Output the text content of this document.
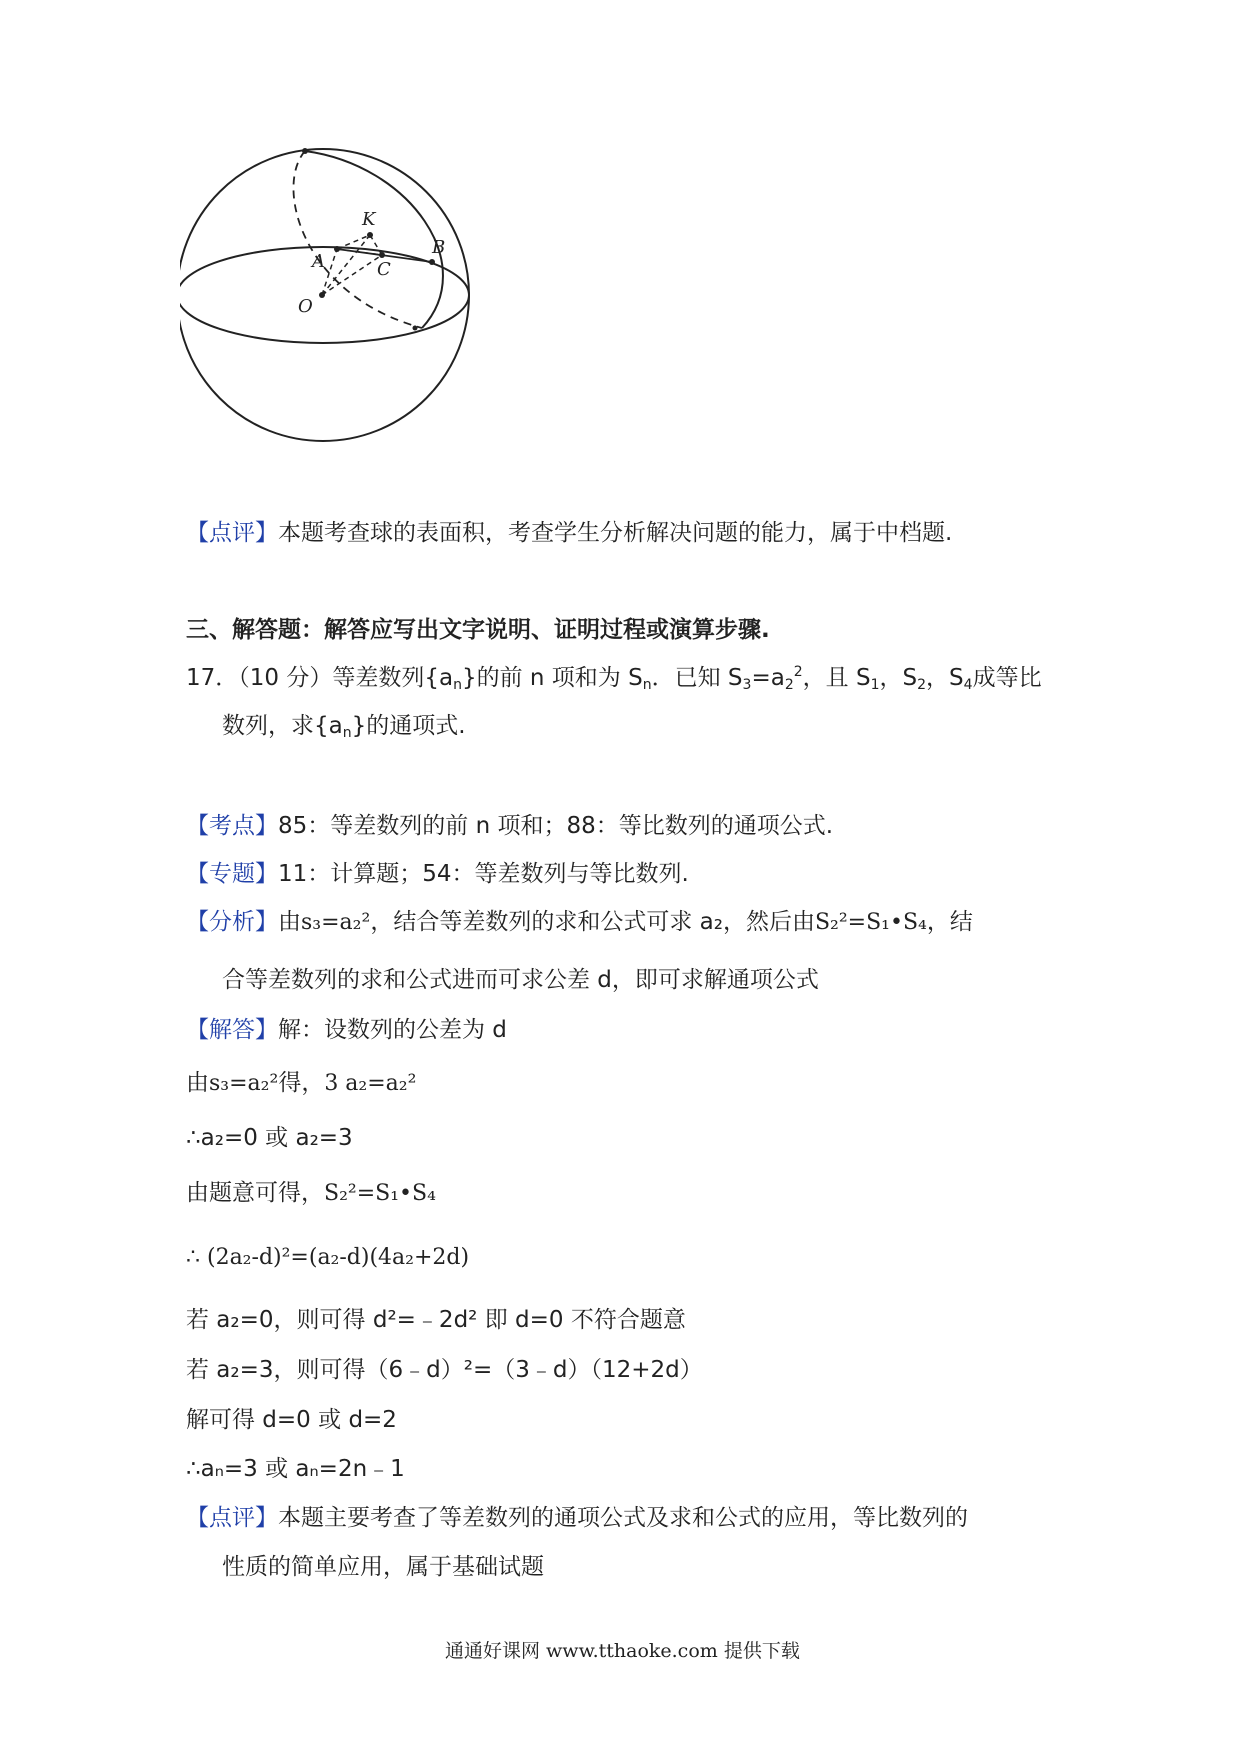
K
A
B
C
O
【点评】本题考查球的表面积，考查学生分析解决问题的能力，属于中档题.
三、解答题：解答应写出文字说明、证明过程或演算步骤.
17．（10 分）等差数列$\{a_n\}$的前 n 项和为 $S_n$．已知 $S_3=a_2^2$，且 $S_1$，$S_2$，$S_4$成等比
数列，求$\{a_n\}$的通项式.
【考点】85：等差数列的前 n 项和；88：等比数列的通项公式.
【专题】11：计算题；54：等差数列与等比数列.
【分析】由s₃=a₂²，结合等差数列的求和公式可求 a₂，然后由S₂²=S₁•S₄，结
合等差数列的求和公式进而可求公差 d，即可求解通项公式
【解答】解：设数列的公差为 d
由s₃=a₂²得，3 a₂=a₂²
∴a₂=0 或 a₂=3
由题意可得，S₂²=S₁•S₄
∴ (2a₂-d)²=(a₂-d)(4a₂+2d)
若 a₂=0，则可得 d²=﹣2d² 即 d=0 不符合题意
若 a₂=3，则可得（6﹣d）²=（3﹣d）（12+2d）
解可得 d=0 或 d=2
∴aₙ=3 或 aₙ=2n﹣1
【点评】本题主要考查了等差数列的通项公式及求和公式的应用，等比数列的
性质的简单应用，属于基础试题
通通好课网 www.tthaoke.com 提供下载
